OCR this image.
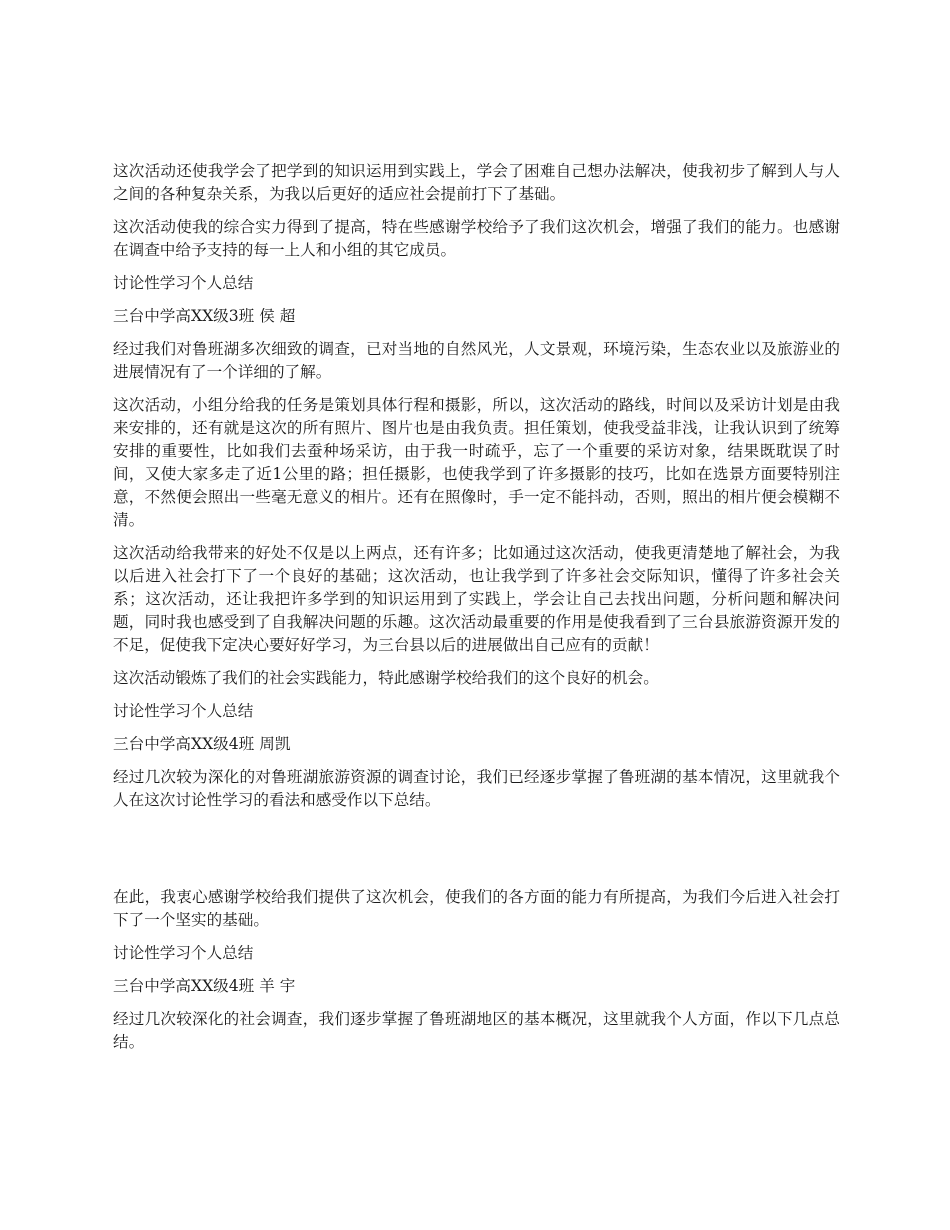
这次活动还使我学会了把学到的知识运用到实践上，学会了困难自己想办法解决，使我初步了解到人与人之间的各种复杂关系，为我以后更好的适应社会提前打下了基础。

这次活动使我的综合实力得到了提高，特在些感谢学校给予了我们这次机会，增强了我们的能力。也感谢在调查中给予支持的每一上人和小组的其它成员。

讨论性学习个人总结

三台中学高XX级3班 侯 超

经过我们对鲁班湖多次细致的调查，已对当地的自然风光，人文景观，环境污染，生态农业以及旅游业的进展情况有了一个详细的了解。

这次活动，小组分给我的任务是策划具体行程和摄影，所以，这次活动的路线，时间以及采访计划是由我来安排的，还有就是这次的所有照片、图片也是由我负责。担任策划，使我受益非浅，让我认识到了统筹安排的重要性，比如我们去蚕种场采访，由于我一时疏乎，忘了一个重要的采访对象，结果既耽误了时间，又使大家多走了近1公里的路；担任摄影，也使我学到了许多摄影的技巧，比如在选景方面要特别注意，不然便会照出一些毫无意义的相片。还有在照像时，手一定不能抖动，否则，照出的相片便会模糊不清。

这次活动给我带来的好处不仅是以上两点，还有许多；比如通过这次活动，使我更清楚地了解社会，为我以后进入社会打下了一个良好的基础；这次活动，也让我学到了许多社会交际知识，懂得了许多社会关系；这次活动，还让我把许多学到的知识运用到了实践上，学会让自己去找出问题，分析问题和解决问题，同时我也感受到了自我解决问题的乐趣。这次活动最重要的作用是使我看到了三台县旅游资源开发的不足，促使我下定决心要好好学习，为三台县以后的进展做出自己应有的贡献！

这次活动锻炼了我们的社会实践能力，特此感谢学校给我们的这个良好的机会。

讨论性学习个人总结

三台中学高XX级4班 周凯

经过几次较为深化的对鲁班湖旅游资源的调查讨论，我们已经逐步掌握了鲁班湖的基本情况，这里就我个人在这次讨论性学习的看法和感受作以下总结。

在此，我衷心感谢学校给我们提供了这次机会，使我们的各方面的能力有所提高，为我们今后进入社会打下了一个坚实的基础。

讨论性学习个人总结

三台中学高XX级4班 羊 宇

经过几次较深化的社会调查，我们逐步掌握了鲁班湖地区的基本概况，这里就我个人方面，作以下几点总结。
